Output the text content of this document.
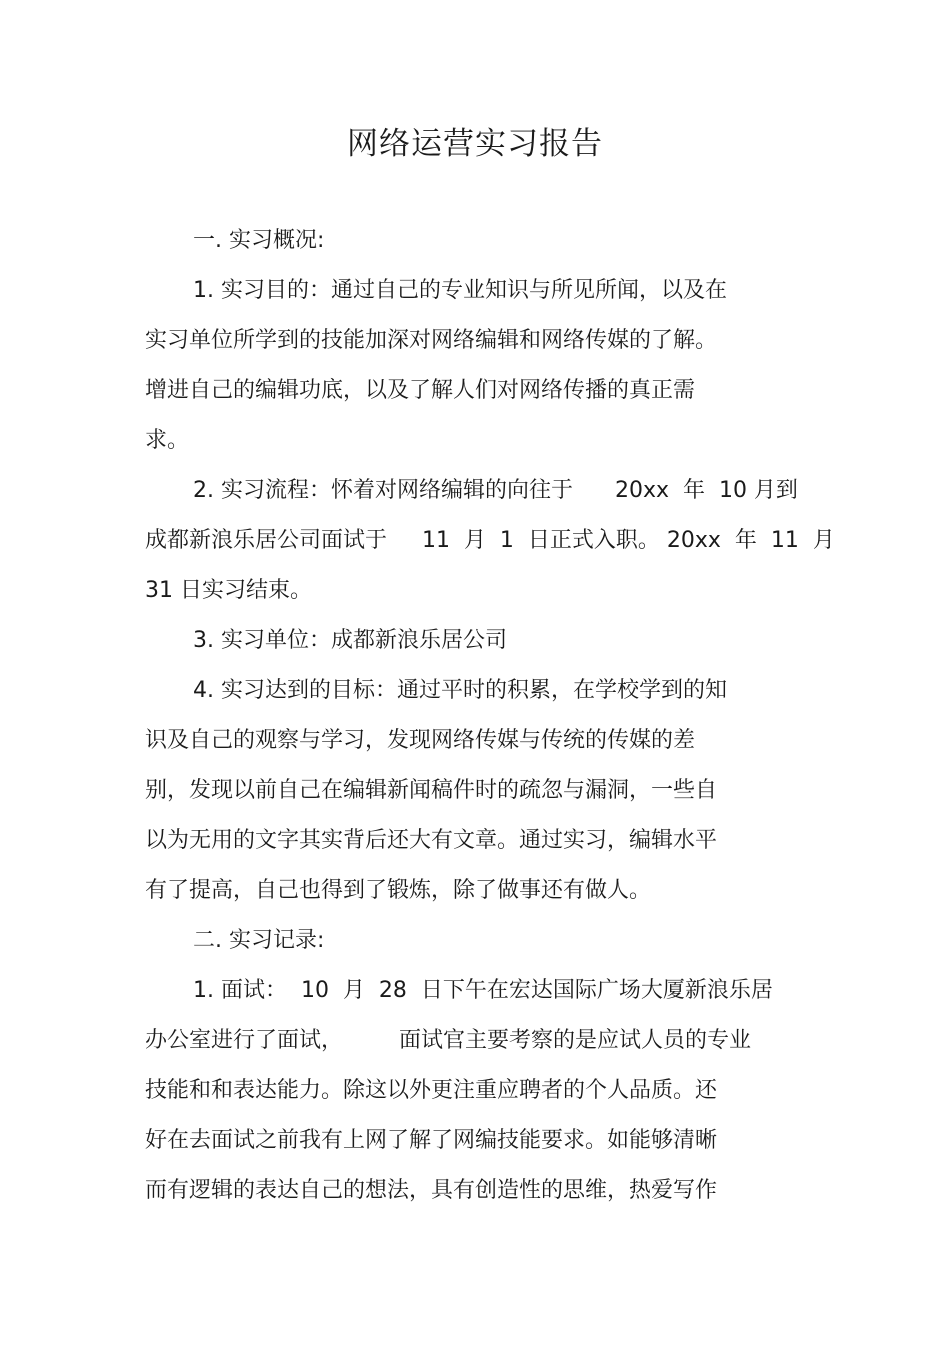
网络运营实习报告
一. 实习概况:
1. 实习目的：通过自己的专业知识与所见所闻，以及在
实习单位所学到的技能加深对网络编辑和网络传媒的了解。
增进自己的编辑功底，以及了解人们对网络传播的真正需
求。
2. 实习流程：怀着对网络编辑的向往于      20xx  年  10 月到
成都新浪乐居公司面试于     11  月  1  日正式入职。 20xx  年  11  月
31 日实习结束。
3. 实习单位：成都新浪乐居公司
4. 实习达到的目标：通过平时的积累，在学校学到的知
识及自己的观察与学习，发现网络传媒与传统的传媒的差
别，发现以前自己在编辑新闻稿件时的疏忽与漏洞，一些自
以为无用的文字其实背后还大有文章。通过实习，编辑水平
有了提高，自己也得到了锻炼，除了做事还有做人。
二. 实习记录:
1. 面试：  10  月  28  日下午在宏达国际广场大厦新浪乐居
办公室进行了面试，        面试官主要考察的是应试人员的专业
技能和和表达能力。除这以外更注重应聘者的个人品质。还
好在去面试之前我有上网了解了网编技能要求。如能够清晰
而有逻辑的表达自己的想法，具有创造性的思维，热爱写作
